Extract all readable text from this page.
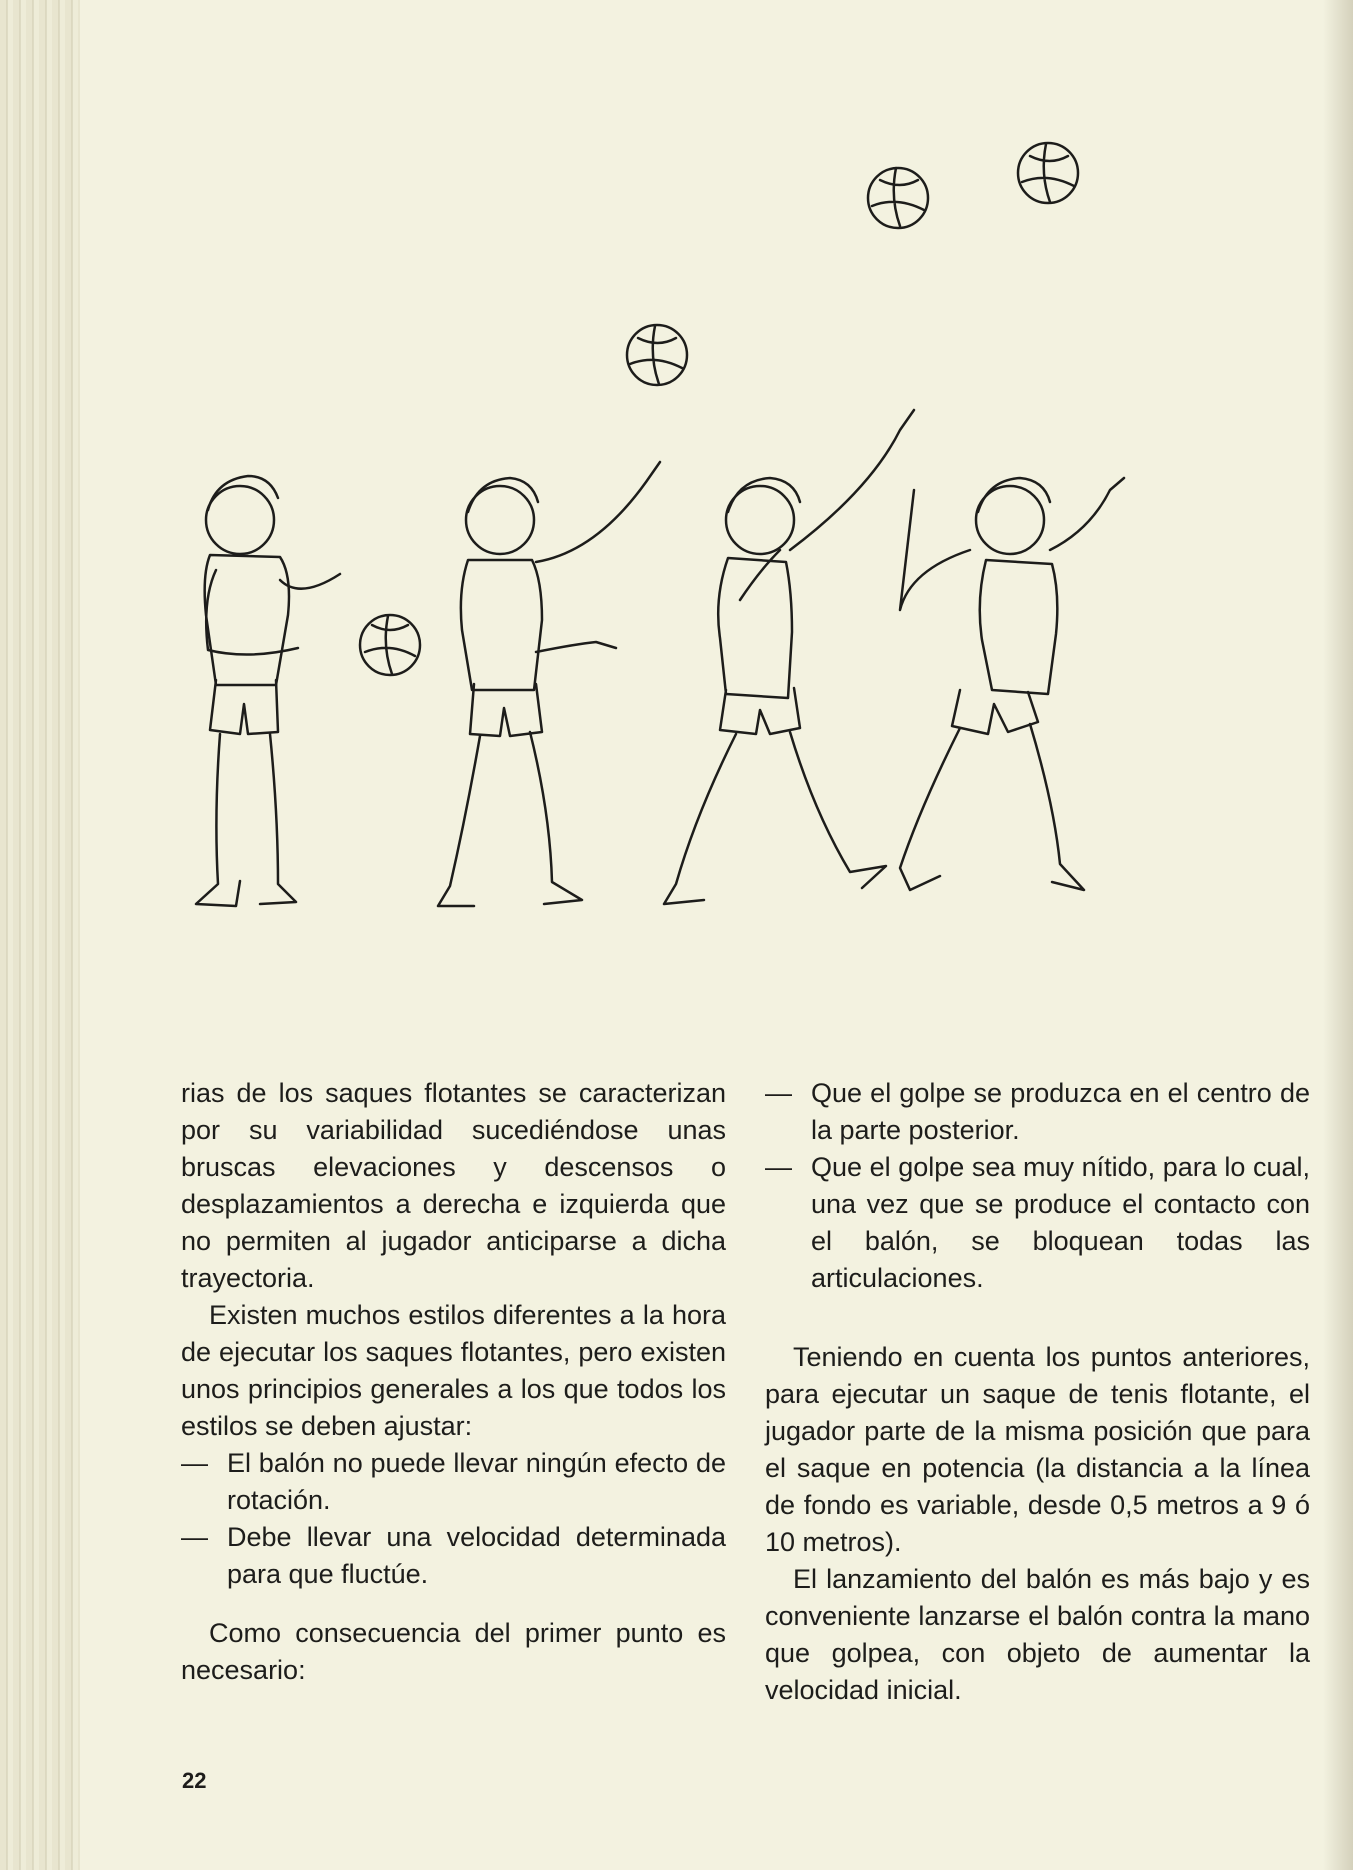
rias de los saques flotantes se caracterizan por su variabilidad sucediéndose unas bruscas elevaciones y descensos o desplazamientos a derecha e izquierda que no permiten al jugador anticiparse a dicha trayectoria.

Existen muchos estilos diferentes a la hora de ejecutar los saques flotantes, pero existen unos principios generales a los que todos los estilos se deben ajustar:

— El balón no puede llevar ningún efecto de rotación.
— Debe llevar una velocidad determinada para que fluctúe.

Como consecuencia del primer punto es necesario:

— Que el golpe se produzca en el centro de la parte posterior.
— Que el golpe sea muy nítido, para lo cual, una vez que se produce el contacto con el balón, se bloquean todas las articulaciones.

Teniendo en cuenta los puntos anteriores, para ejecutar un saque de tenis flotante, el jugador parte de la misma posición que para el saque en potencia (la distancia a la línea de fondo es variable, desde 0,5 metros a 9 ó 10 metros).

El lanzamiento del balón es más bajo y es conveniente lanzarse el balón contra la mano que golpea, con objeto de aumentar la velocidad inicial.

22
